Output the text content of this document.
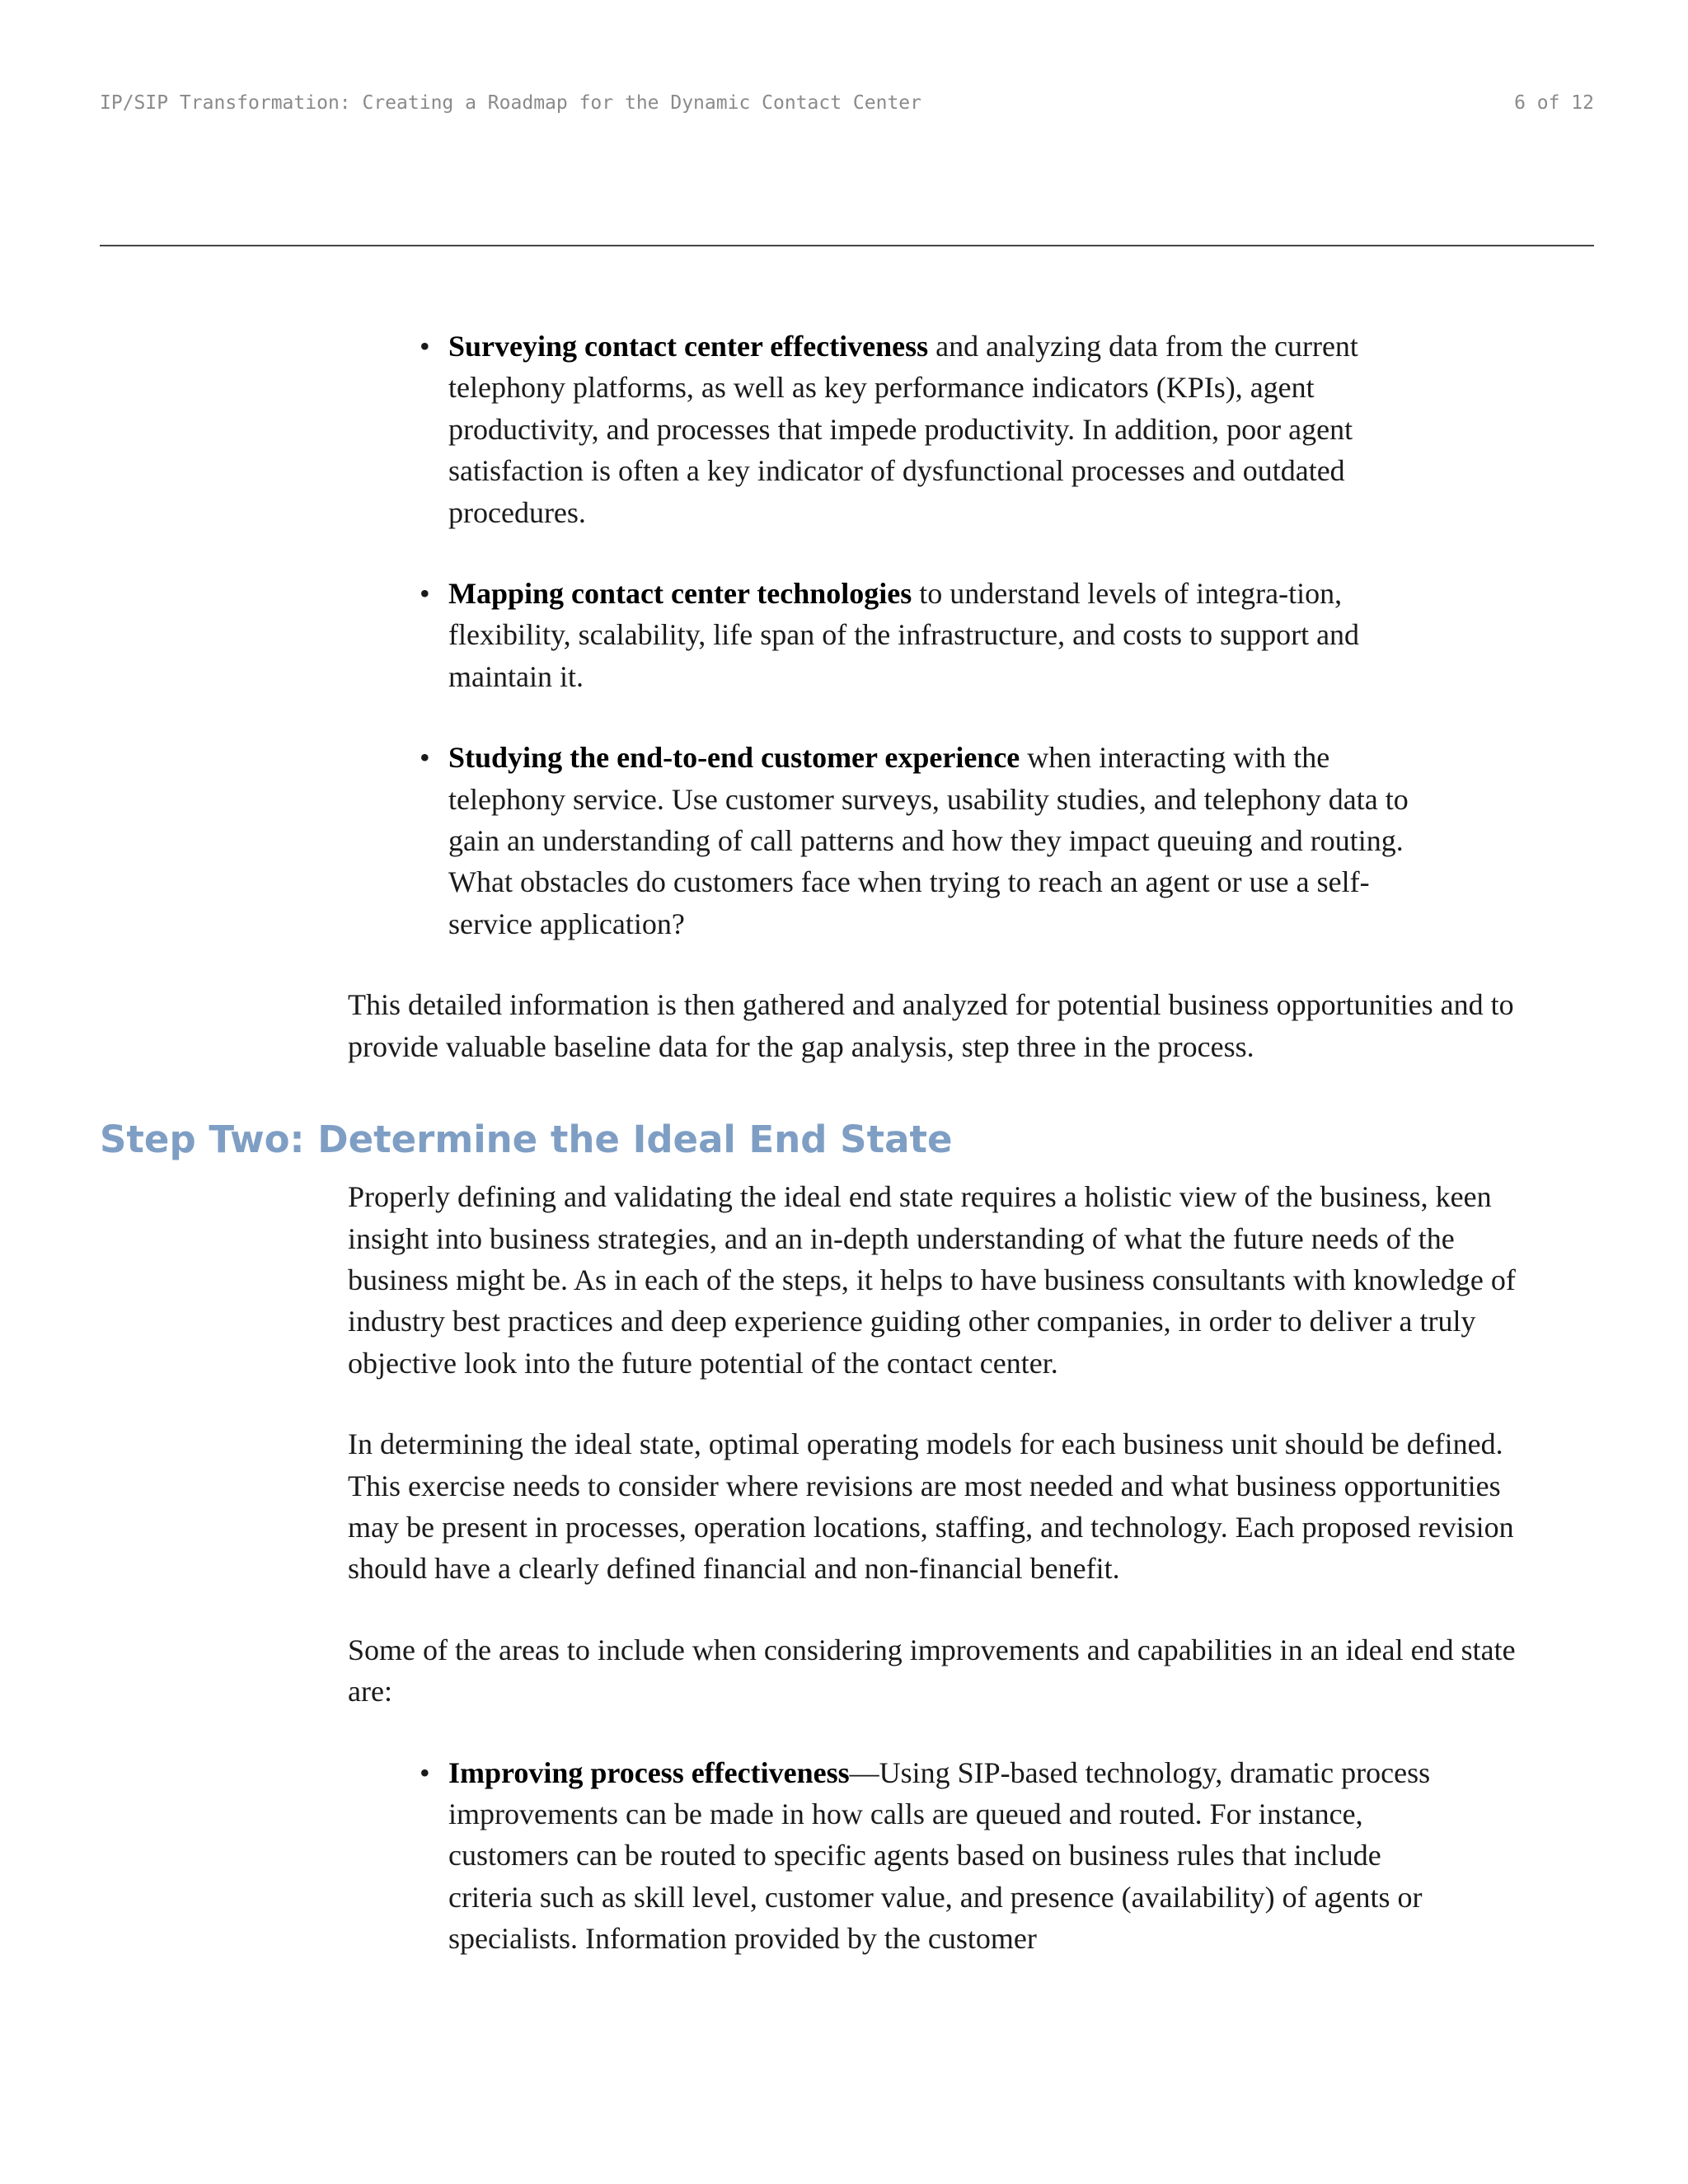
IP/SIP Transformation: Creating a Roadmap for the Dynamic Contact Center	6 of 12
• Surveying contact center effectiveness and analyzing data from the current telephony platforms, as well as key performance indicators (KPIs), agent productivity, and processes that impede productivity. In addition, poor agent satisfaction is often a key indicator of dysfunctional processes and outdated procedures.
• Mapping contact center technologies to understand levels of integra-tion, flexibility, scalability, life span of the infrastructure, and costs to support and maintain it.
• Studying the end-to-end customer experience when interacting with the telephony service. Use customer surveys, usability studies, and telephony data to gain an understanding of call patterns and how they impact queuing and routing. What obstacles do customers face when trying to reach an agent or use a self-service application?

This detailed information is then gathered and analyzed for potential business opportunities and to provide valuable baseline data for the gap analysis, step three in the process.

Step Two: Determine the Ideal End State

Properly defining and validating the ideal end state requires a holistic view of the business, keen insight into business strategies, and an in-depth understanding of what the future needs of the business might be. As in each of the steps, it helps to have business consultants with knowledge of industry best practices and deep experience guiding other companies, in order to deliver a truly objective look into the future potential of the contact center.

In determining the ideal state, optimal operating models for each business unit should be defined. This exercise needs to consider where revisions are most needed and what business opportunities may be present in processes, operation locations, staffing, and technology. Each proposed revision should have a clearly defined financial and non-financial benefit.

Some of the areas to include when considering improvements and capabilities in an ideal end state are:

• Improving process effectiveness—Using SIP-based technology, dramatic process improvements can be made in how calls are queued and routed. For instance, customers can be routed to specific agents based on business rules that include criteria such as skill level, customer value, and presence (availability) of agents or specialists. Information provided by the customer
